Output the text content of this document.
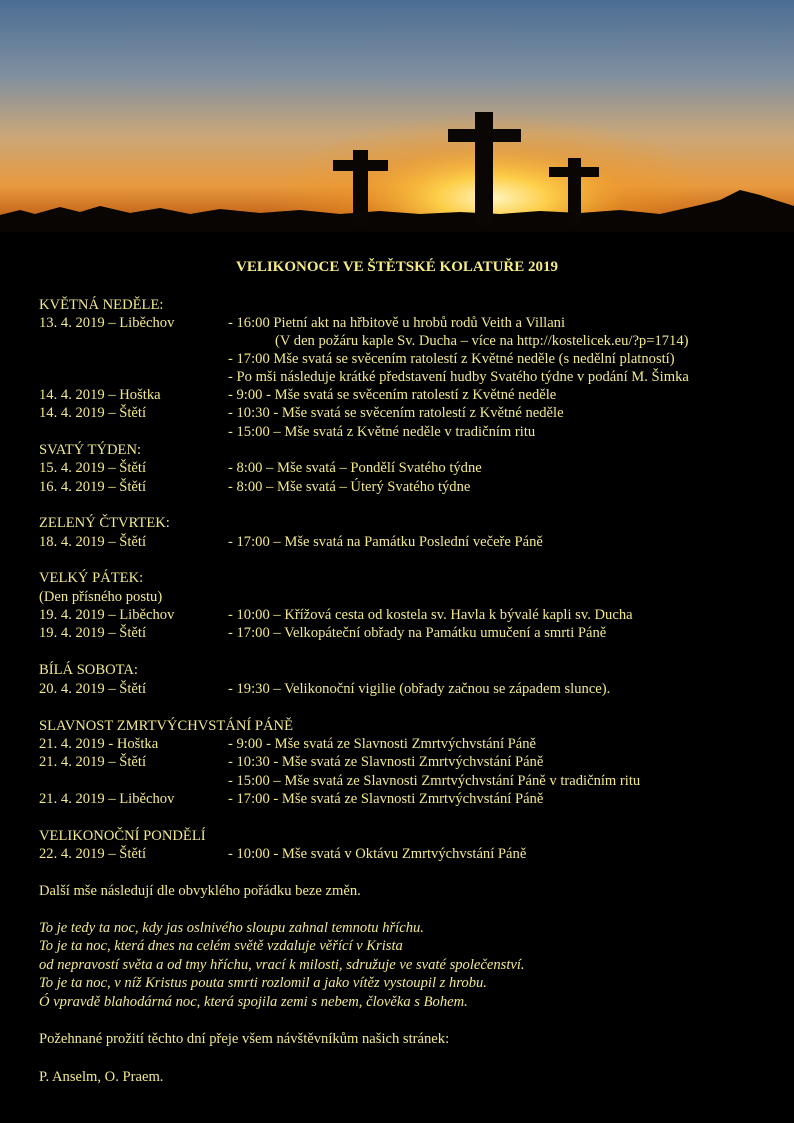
VELIKONOCE VE ŠTĚTSKÉ KOLATUŘE 2019
KVĚTNÁ NEDĚLE:
13. 4. 2019 – Liběchov	- 16:00 Pietní akt na hřbitově u hrobů rodů Veith a Villani
(V den požáru kaple Sv. Ducha – více na http://kostelicek.eu/?p=1714)
- 17:00 Mše svatá se svěcením ratolestí z Květné neděle (s nedělní platností)
- Po mši následuje krátké představení hudby Svatého týdne v podání M. Šimka
14. 4. 2019 – Hoštka	- 9:00 - Mše svatá se svěcením ratolestí z Květné neděle
14. 4. 2019 – Štětí	- 10:30 - Mše svatá se svěcením ratolestí z Květné neděle
- 15:00 – Mše svatá z Květné neděle v tradičním ritu
SVATÝ TÝDEN:
15. 4. 2019 – Štětí	- 8:00 – Mše svatá – Pondělí Svatého týdne
16. 4. 2019 – Štětí	- 8:00 – Mše svatá – Úterý Svatého týdne
ZELENÝ ČTVRTEK:
18. 4. 2019 – Štětí	- 17:00 – Mše svatá na Památku Poslední večeře Páně
VELKÝ PÁTEK:
(Den přísného postu)
19. 4. 2019 – Liběchov	- 10:00 – Křížová cesta od kostela sv. Havla k bývalé kapli sv. Ducha
19. 4. 2019 – Štětí	- 17:00 – Velkopáteční obřady na Památku umučení a smrti Páně
BÍLÁ SOBOTA:
20. 4. 2019 – Štětí	- 19:30 – Velikonoční vigilie (obřady začnou se západem slunce).
SLAVNOST ZMRTVÝCHVSTÁNÍ PÁNĚ
21. 4. 2019 - Hoštka	- 9:00 - Mše svatá ze Slavnosti Zmrtvýchvstání Páně
21. 4. 2019 – Štětí	- 10:30 - Mše svatá ze Slavnosti Zmrtvýchvstání Páně
- 15:00 – Mše svatá ze Slavnosti Zmrtvýchvstání Páně v tradičním ritu
21. 4. 2019 – Liběchov	- 17:00 - Mše svatá ze Slavnosti Zmrtvýchvstání Páně
VELIKONOČNÍ PONDĚLÍ
22. 4. 2019 – Štětí	- 10:00 - Mše svatá v Oktávu Zmrtvýchvstání Páně
Další mše následují dle obvyklého pořádku beze změn.
To je tedy ta noc, kdy jas oslnivého sloupu zahnal temnotu hříchu.
To je ta noc, která dnes na celém světě vzdaluje věřící v Krista
od nepravostí světa a od tmy hříchu, vrací k milosti, sdružuje ve svaté společenství.
To je ta noc, v níž Kristus pouta smrti rozlomil a jako vítěz vystoupil z hrobu.
Ó vpravdě blahodárná noc, která spojila zemi s nebem, člověka s Bohem.
Požehnané prožití těchto dní přeje všem návštěvníkům našich stránek:
P. Anselm, O. Praem.
